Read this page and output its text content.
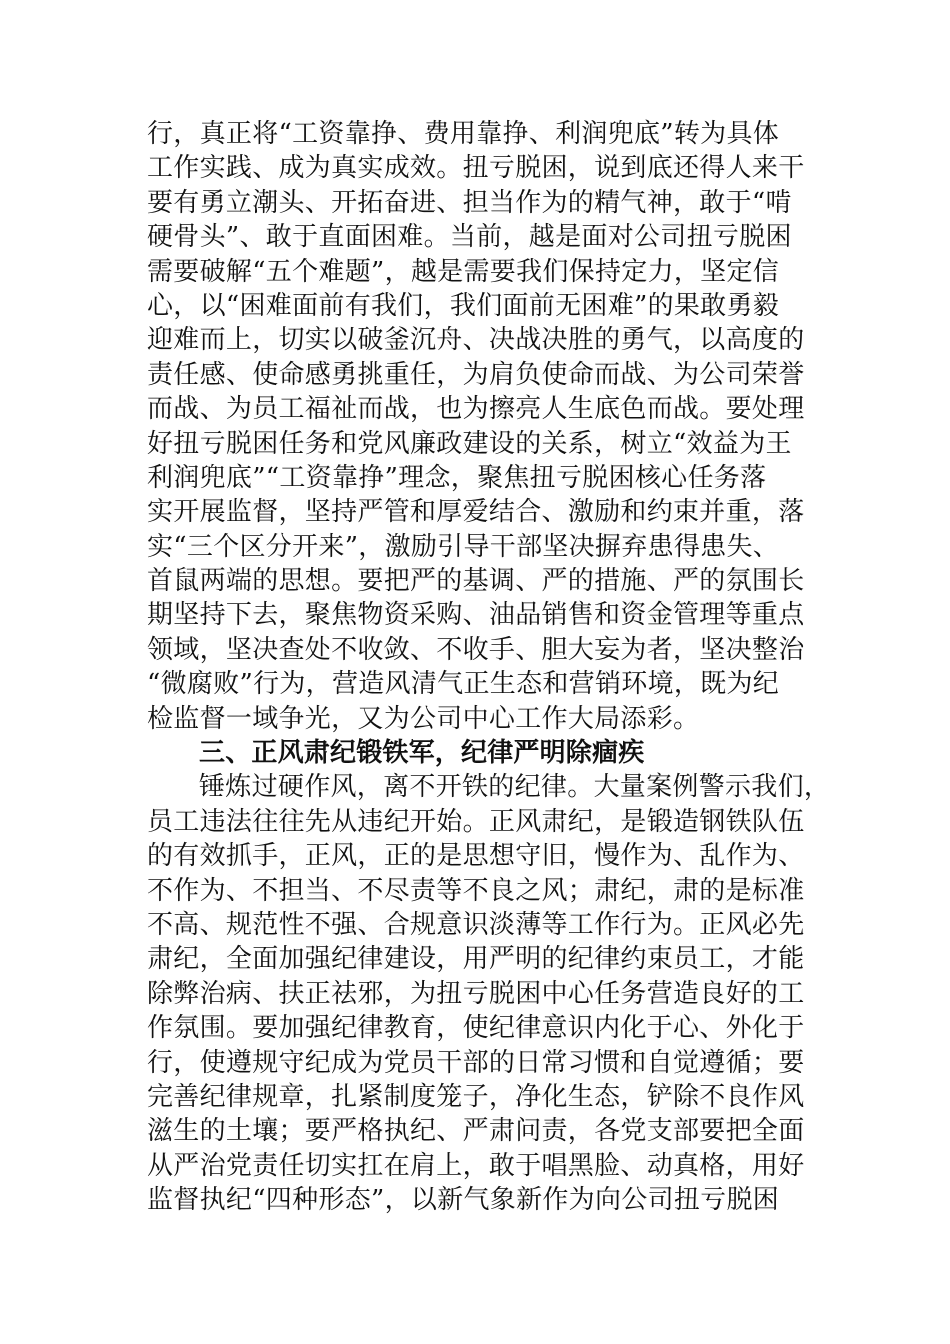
行，真正将“工资靠挣、费用靠挣、利润兜底”转为具体
工作实践、成为真实成效。扭亏脱困，说到底还得人来干
要有勇立潮头、开拓奋进、担当作为的精气神，敢于“啃
硬骨头”、敢于直面困难。当前，越是面对公司扭亏脱困
需要破解“五个难题”，越是需要我们保持定力，坚定信
心，以“困难面前有我们，我们面前无困难”的果敢勇毅
迎难而上，切实以破釜沉舟、决战决胜的勇气，以高度的
责任感、使命感勇挑重任，为肩负使命而战、为公司荣誉
而战、为员工福祉而战，也为擦亮人生底色而战。要处理
好扭亏脱困任务和党风廉政建设的关系，树立“效益为王
利润兜底”“工资靠挣”理念，聚焦扭亏脱困核心任务落
实开展监督，坚持严管和厚爱结合、激励和约束并重，落
实“三个区分开来”，激励引导干部坚决摒弃患得患失、
首鼠两端的思想。要把严的基调、严的措施、严的氛围长
期坚持下去，聚焦物资采购、油品销售和资金管理等重点
领域，坚决查处不收敛、不收手、胆大妄为者，坚决整治
“微腐败”行为，营造风清气正生态和营销环境，既为纪
检监督一域争光，又为公司中心工作大局添彩。
三、正风肃纪锻铁军，纪律严明除痼疾
锤炼过硬作风，离不开铁的纪律。大量案例警示我们，
员工违法往往先从违纪开始。正风肃纪，是锻造钢铁队伍
的有效抓手，正风，正的是思想守旧，慢作为、乱作为、
不作为、不担当、不尽责等不良之风；肃纪，肃的是标准
不高、规范性不强、合规意识淡薄等工作行为。正风必先
肃纪，全面加强纪律建设，用严明的纪律约束员工，才能
除弊治病、扶正祛邪，为扭亏脱困中心任务营造良好的工
作氛围。要加强纪律教育，使纪律意识内化于心、外化于
行，使遵规守纪成为党员干部的日常习惯和自觉遵循；要
完善纪律规章，扎紧制度笼子，净化生态，铲除不良作风
滋生的土壤；要严格执纪、严肃问责，各党支部要把全面
从严治党责任切实扛在肩上，敢于唱黑脸、动真格，用好
监督执纪“四种形态”，以新气象新作为向公司扭亏脱困
